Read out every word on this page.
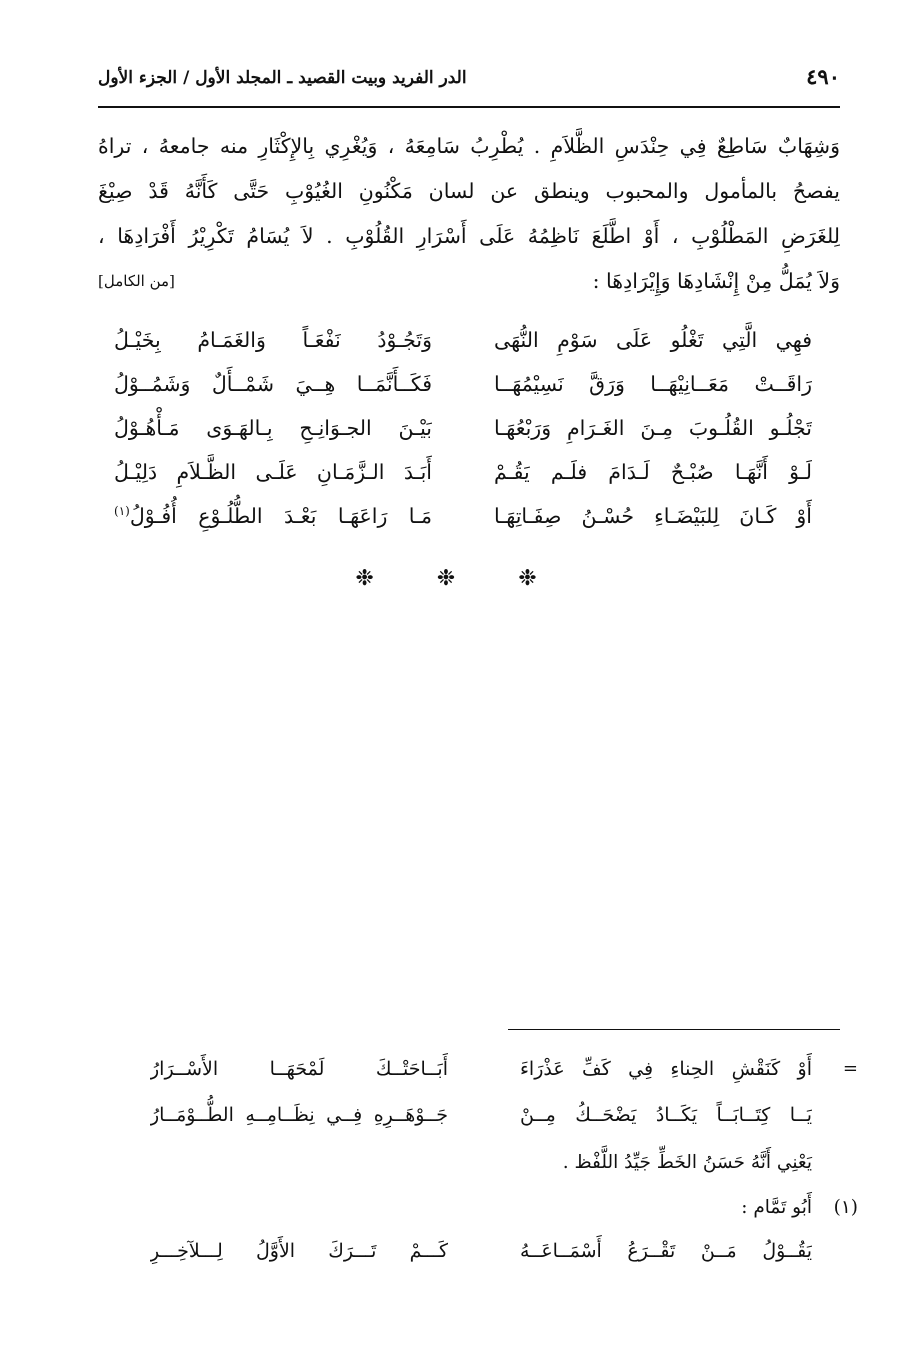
الدر الفريد وبيت القصيد ـ المجلد الأول / الجزء الأول	٤٩٠
وَشِهَابٌ سَاطِعٌ فِي حِنْدَسِ الظَّلاَمِ . يُطْرِبُ سَامِعَهُ ، وَيُغْرِي بِالإِكْثَارِ منه جامعهُ ، تراهُ
يفصحُ بالمأمول والمحبوب وينطق عن لسان مَكْنُونِ الغُيُوْبِ حَتَّى كَأَنَّهُ قَدْ صِيْغَ
لِلغَرَضِ المَطْلُوْبِ ، أَوْ اطَّلَعَ نَاظِمُهُ عَلَى أَسْرَارِ القُلُوْبِ . لاَ يُسَامُ تَكْرِيْرُ أَفْرَادِهَا ،
وَلاَ يُمَلُّ مِنْ إِنْشَادِهَا وَإِيْرَادِهَا :
[من الكامل]
فهِي الَّتِي تَغْلُو عَلَى سَوْمِ النُّهَى
وَتَجُـوْدُ نَفْعَـاً وَالغَمَـامُ بِخَيْـلُ
رَاقَــتْ مَعَــانِيْهَــا وَرَقَّ نَسِيْمُهَــا
فَكَــأَنَّمَــا هِــيَ شَمْــأَلٌ وَشَمُــوْلُ
تَجْلُـو القُلُـوبَ مِـنَ الغَـرَامِ وَرَبْعُهَـا
بَيْـنَ الجـوَانِـحِ بِـالهَـوَى مَـأْهُـوْلُ
لَـوْ أَنَّهَـا صُبْـحٌ لَـدَامَ فلَـم يَقُـمْ
أَبَـدَ الـزَّمَـانِ عَلَـى الظَّـلاَمِ دَلِيْـلُ
أَوْ كَـانَ لِلبَيْضَـاءِ حُسْـنُ صِفَـاتِهَـا
مَـا رَاعَهَـا بَعْـدَ الطُّلُـوْعِ أُفُـوْلُ$^{(١)}$
❉ ❉ ❉
=
أَوْ كَنَقْشِ الحِناءِ فِي كَفِّ عَذْرَاءَ
أَبَــاحَتْــكَ لَمْحَهَــا الأَسْــرَارُ
يَــا كِتَــابَــاً يَكَــادُ يَضْحَــكُ مِــنْ
جَــوْهَــرِهِ فِــي نِظَــامِــهِ الطُّــوْمَــارُ
يَعْنِي أَنَّهُ حَسَنُ الخَطِّ جَيِّدُ اللَّفْظ .
(١)
أَبُو تَمَّام :
يَقُــوْلُ مَــنْ تَقْــرَعُ أَسْمَــاعَــهُ
كَـــمْ تَـــرَكَ الأَوَّلُ لِـــلآخِـــرِ
